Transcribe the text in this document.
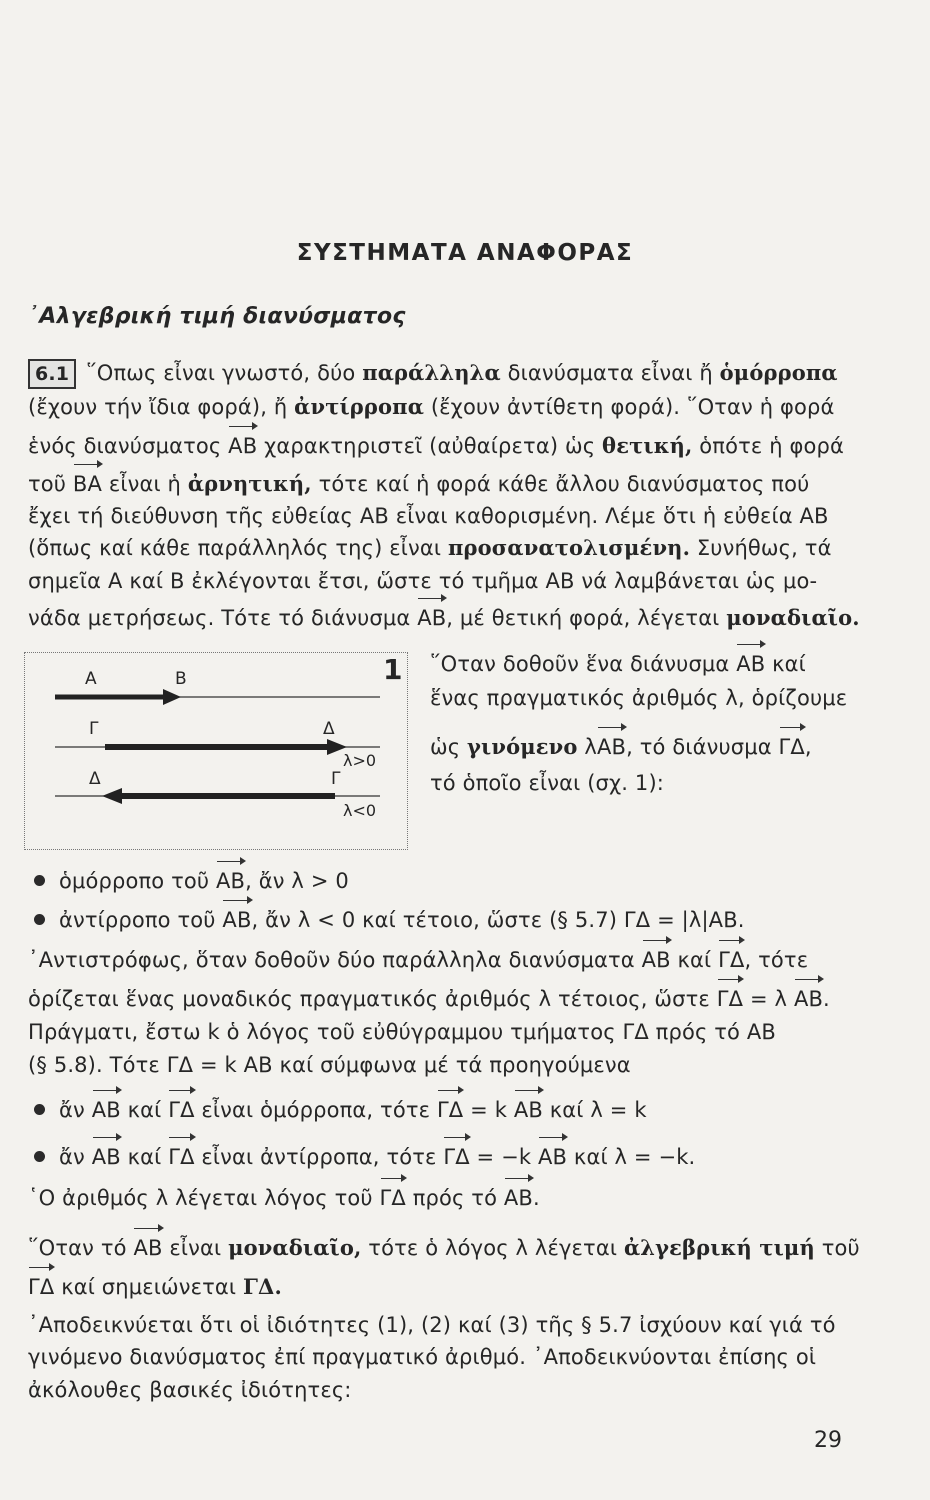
ΣΥΣΤΗΜΑΤΑ ΑΝΑΦΟΡΑΣ
᾽Αλγεβρική τιμή διανύσματος
6.1 ῞Οπως εἶναι γνωστό, δύο παράλληλα διανύσματα εἶναι ἤ ὁμόρροπα
(ἔχουν τήν ἴδια φορά), ἤ ἀντίρροπα (ἔχουν ἀντίθετη φορά). ῞Οταν ἡ φορά
ἑνός διανύσματος ΑΒ χαρακτηριστεῖ (αὐθαίρετα) ὡς θετική, ὁπότε ἡ φορά
τοῦ ΒΑ εἶναι ἡ ἀρνητική, τότε καί ἡ φορά κάθε ἄλλου διανύσματος πού
ἔχει τή διεύθυνση τῆς εὐθείας ΑΒ εἶναι καθορισμένη. Λέμε ὅτι ἡ εὐθεία ΑΒ
(ὅπως καί κάθε παράλληλός της) εἶναι προσανατολισμένη. Συνήθως, τά
σημεῖα Α καί Β ἐκλέγονται ἔτσι, ὥστε τό τμῆμα ΑΒ νά λαμβάνεται ὡς μο-
νάδα μετρήσεως. Τότε τό διάνυσμα ΑΒ, μέ θετική φορά, λέγεται μοναδιαῖο.
1
Α	Β
Γ	Δ
λ>0
Δ	Γ
λ<0
῞Οταν δοθοῦν ἕνα διάνυσμα ΑΒ καί
ἕνας πραγματικός ἀριθμός λ, ὁρίζουμε
ὡς γινόμενο λΑΒ, τό διάνυσμα ΓΔ,
τό ὁποῖο εἶναι (σχ. 1):
ὁμόρροπο τοῦ ΑΒ, ἄν λ > 0
ἀντίρροπο τοῦ ΑΒ, ἄν λ < 0 καί τέτοιο, ὥστε (§ 5.7) ΓΔ = |λ|ΑΒ.
᾽Αντιστρόφως, ὅταν δοθοῦν δύο παράλληλα διανύσματα ΑΒ καί ΓΔ, τότε
ὁρίζεται ἕνας μοναδικός πραγματικός ἀριθμός λ τέτοιος, ὥστε ΓΔ = λ ΑΒ.
Πράγματι, ἔστω k ὁ λόγος τοῦ εὐθύγραμμου τμήματος ΓΔ πρός τό ΑΒ
(§ 5.8). Τότε ΓΔ = k ΑΒ καί σύμφωνα μέ τά προηγούμενα
ἄν ΑΒ καί ΓΔ εἶναι ὁμόρροπα, τότε ΓΔ = k ΑΒ καί λ = k
ἄν ΑΒ καί ΓΔ εἶναι ἀντίρροπα, τότε ΓΔ = −k ΑΒ καί λ = −k.
῾Ο ἀριθμός λ λέγεται λόγος τοῦ ΓΔ πρός τό ΑΒ.
῞Οταν τό ΑΒ εἶναι μοναδιαῖο, τότε ὁ λόγος λ λέγεται ἀλγεβρική τιμή τοῦ
ΓΔ καί σημειώνεται ΓΔ.
᾽Αποδεικνύεται ὅτι οἱ ἰδιότητες (1), (2) καί (3) τῆς § 5.7 ἰσχύουν καί γιά τό
γινόμενο διανύσματος ἐπί πραγματικό ἀριθμό. ᾽Αποδεικνύονται ἐπίσης οἱ
ἀκόλουθες βασικές ἰδιότητες:
29
